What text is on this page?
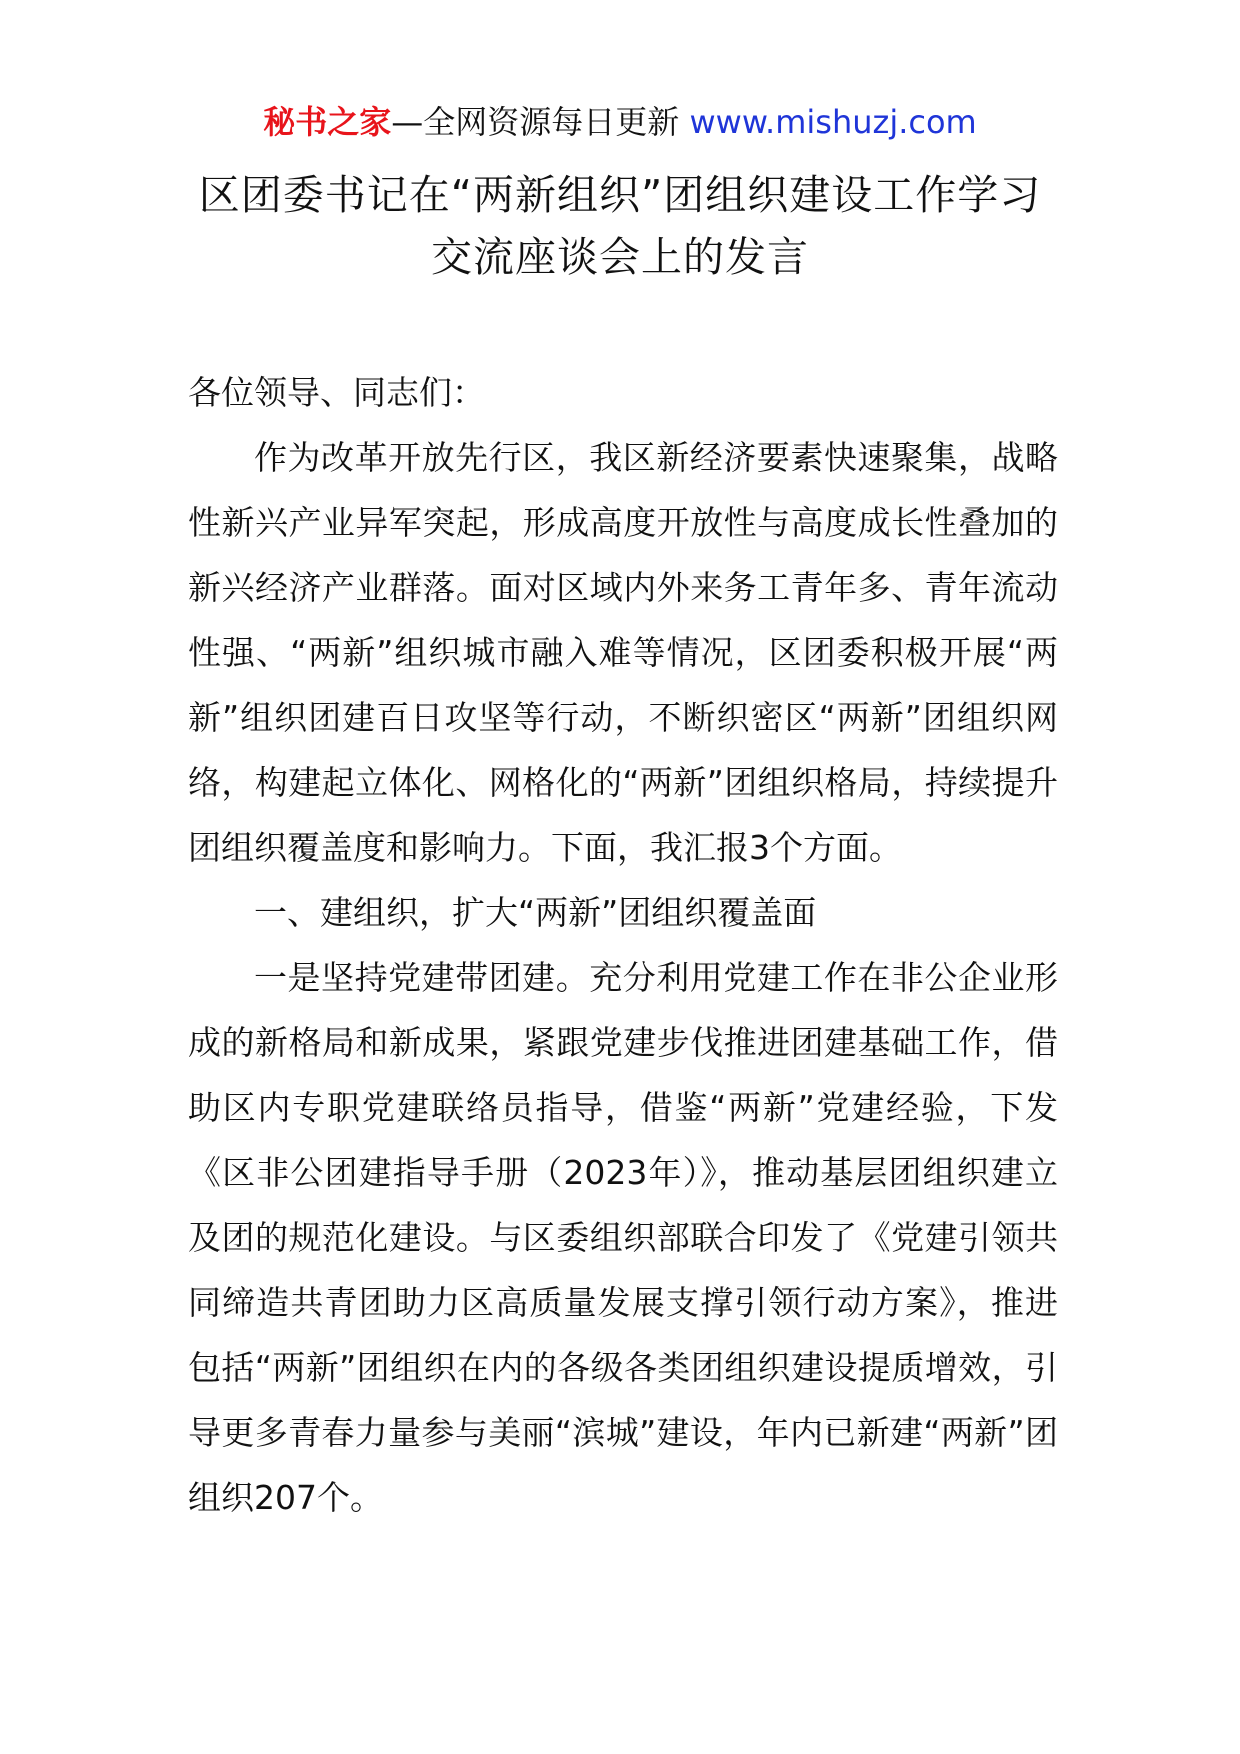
秘书之家—全网资源每日更新 www.mishuzj.com
区团委书记在“两新组织”团组织建设工作学习交流座谈会上的发言

各位领导、同志们：

作为改革开放先行区，我区新经济要素快速聚集，战略性新兴产业异军突起，形成高度开放性与高度成长性叠加的新兴经济产业群落。面对区域内外来务工青年多、青年流动性强、“两新”组织城市融入难等情况，区团委积极开展“两新”组织团建百日攻坚等行动，不断织密区“两新”团组织网络，构建起立体化、网格化的“两新”团组织格局，持续提升团组织覆盖度和影响力。下面，我汇报3个方面。

一、建组织，扩大“两新”团组织覆盖面

一是坚持党建带团建。充分利用党建工作在非公企业形成的新格局和新成果，紧跟党建步伐推进团建基础工作，借助区内专职党建联络员指导，借鉴“两新”党建经验，下发《区非公团建指导手册（2023年）》，推动基层团组织建立及团的规范化建设。与区委组织部联合印发了《党建引领共同缔造共青团助力区高质量发展支撑引领行动方案》，推进包括“两新”团组织在内的各级各类团组织建设提质增效，引导更多青春力量参与美丽“滨城”建设，年内已新建“两新”团组织207个。
